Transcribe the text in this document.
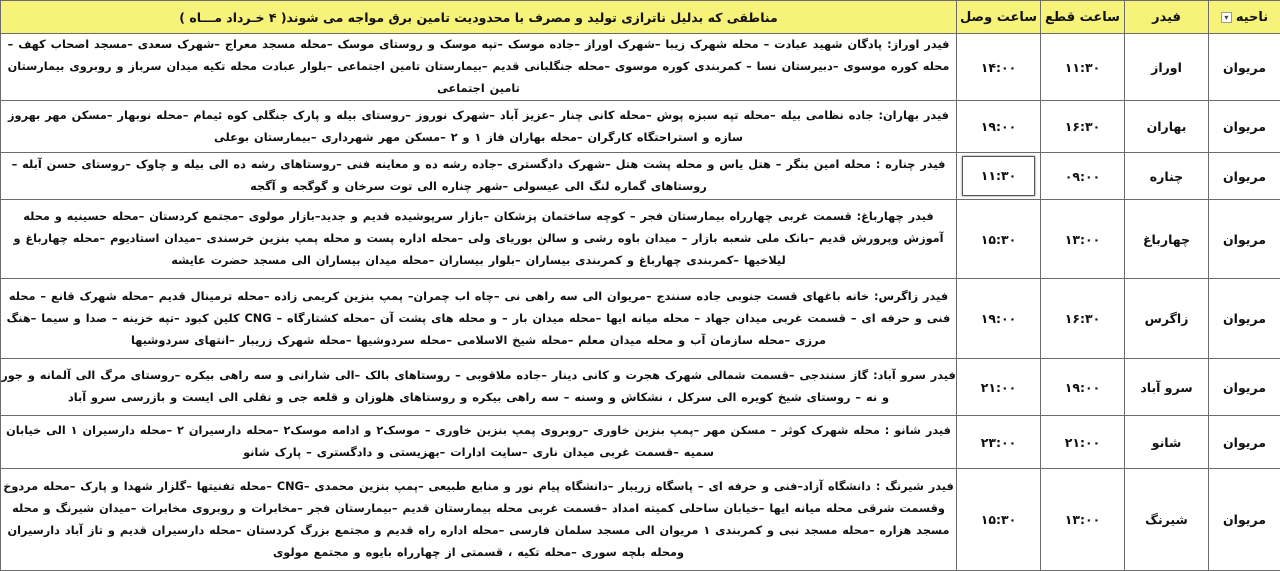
ناحیه▾	فیدر	ساعت قطع	ساعت وصل	مناطقی که بدلیل ناترازی تولید و مصرف با محدودیت تامین برق مواجه می شوند( ۴ خـرداد مـــاه )
مریوان	اوراز	۱۱:۳۰	۱۴:۰۰	فیدر اوراز: پادگان شهید عبادت – محله شهرک زیبا –شهرک اوراز –جاده موسک –تپه موسک و روستای موسک –محله مسجد معراج –شهرک سعدی –مسجد اصحاب کهف –محله کوره موسوی –دبیرستان نسا – کمربندی کوره موسوی –محله جنگلبانی قدیم –بیمارستان تامین اجتماعی –بلوار عبادت محله تکیه میدان سرباز و روبروی بیمارستان تامین اجتماعی
مریوان	بهاران	۱۶:۳۰	۱۹:۰۰	فیدر بهاران: جاده نظامی بیله –محله تپه سبزه پوش –محله کانی چنار –عزیز آباد –شهرک نوروز –روستای بیله و پارک جنگلی کوه ئیمام –محله نوبهار –مسکن مهر بهروز سازه و استراحتگاه کارگران –محله بهاران فاز ۱ و ۲ –مسکن مهر شهرداری –بیمارستان بوعلی
مریوان	چناره	۰۹:۰۰	۱۱:۳۰	فیدر چناره : محله امین بنگر – هتل یاس و محله پشت هتل –شهرک دادگستری –جاده رشه ده و معاینه فنی –روستاهای رشه ده الی بیله و چاوک –روستای حسن آبله –روستاهای گماره لنگ الی عیسولی –شهر چناره الی توت سرخان و گوگجه و آگجه
مریوان	چهارباغ	۱۳:۰۰	۱۵:۳۰	فیدر چهارباغ: قسمت غربی چهارراه بیمارستان فجر – کوچه ساختمان پزشکان –بازار سرپوشیده قدیم و جدید–بازار مولوی –مجتمع کردستان –محله حسینیه و محله آموزش وپرورش قدیم –بانک ملی شعبه بازار – میدان باوه رشی و سالن بوریای ولی –محله اداره پست و محله پمپ بنزین خرسندی –میدان استادیوم –محله چهارباغ و لیلاخیها –کمربندی چهارباغ و کمربندی بیساران –بلوار بیساران –محله میدان بیساران الی مسجد حضرت عایشه
مریوان	زاگرس	۱۶:۳۰	۱۹:۰۰	فیدر زاگرس: خانه باغهای قست جنوبی جاده سنندج –مریوان الی سه راهی نی –چاه اب چمران– پمپ بنزین کریمی زاده –محله ترمینال قدیم –محله شهرک قانع – محله فنی و حرفه ای – قسمت غربی میدان جهاد – محله میانه ایها –محله میدان بار – و محله های پشت آن –محله کشتارگاه – CNG کلین کبود –تپه خزینه – صدا و سیما –هنگ مرزی –محله سازمان آب و محله میدان معلم –محله شیخ الاسلامی –محله سردوشیها –محله شهرک زریبار –انتهای سردوشیها
مریوان	سرو آباد	۱۹:۰۰	۲۱:۰۰	فیدر سرو آباد: گاز سنندجی –قسمت شمالی شهرک هجرت و کانی دینار –جاده ملاقوبی – روستاهای بالک –الی شارانی و سه راهی بیکره –روستای مرگ الی آلمانه و جور و نه – روستای شیخ کویره الی سرکل ، نشکاش و وسنه – سه راهی بیکره و روستاهای هلوزان و قلعه جی و نقلی الی ایست و بازرسی سرو آباد
مریوان	شانو	۲۱:۰۰	۲۳:۰۰	فیدر شانو : محله شهرک کوثر – مسکن مهر –پمپ بنزین خاوری –روبروی پمپ بنزین خاوری – موسک۲ و ادامه موسک۲ –محله دارسیران ۲ –محله دارسیران ۱ الی خیابان سمیه –قسمت غربی میدان ناری –سایت ادارات –بهزیستی و دادگستری – پارک شانو
مریوان	شیرنگ	۱۳:۰۰	۱۵:۳۰	فیدر شیرنگ : دانشگاه آزاد–فنی و حرفه ای – پاسگاه زریبار –دانشگاه پیام نور و منابع طبیعی –پمپ بنزین محمدی –CNG –محله تفنیتها –گلزار شهدا و پارک –محله مردوخ وقسمت شرقی محله میانه ایها –خیابان ساحلی کمیته امداد –قسمت غربی محله بیمارستان قدیم –بیمارستان فجر –مخابرات و روبروی مخابرات –میدان شیرنگ و محله مسجد هزاره –محله مسجد نبی و کمربندی ۱ مریوان الی مسجد سلمان فارسی –محله اداره راه قدیم و مجتمع بزرگ کردستان –محله دارسیران قدیم و تاز آباد دارسیران ومحله بلچه سوری –محله تکیه ، قسمتی از چهارراه بایوه و مجتمع مولوی
